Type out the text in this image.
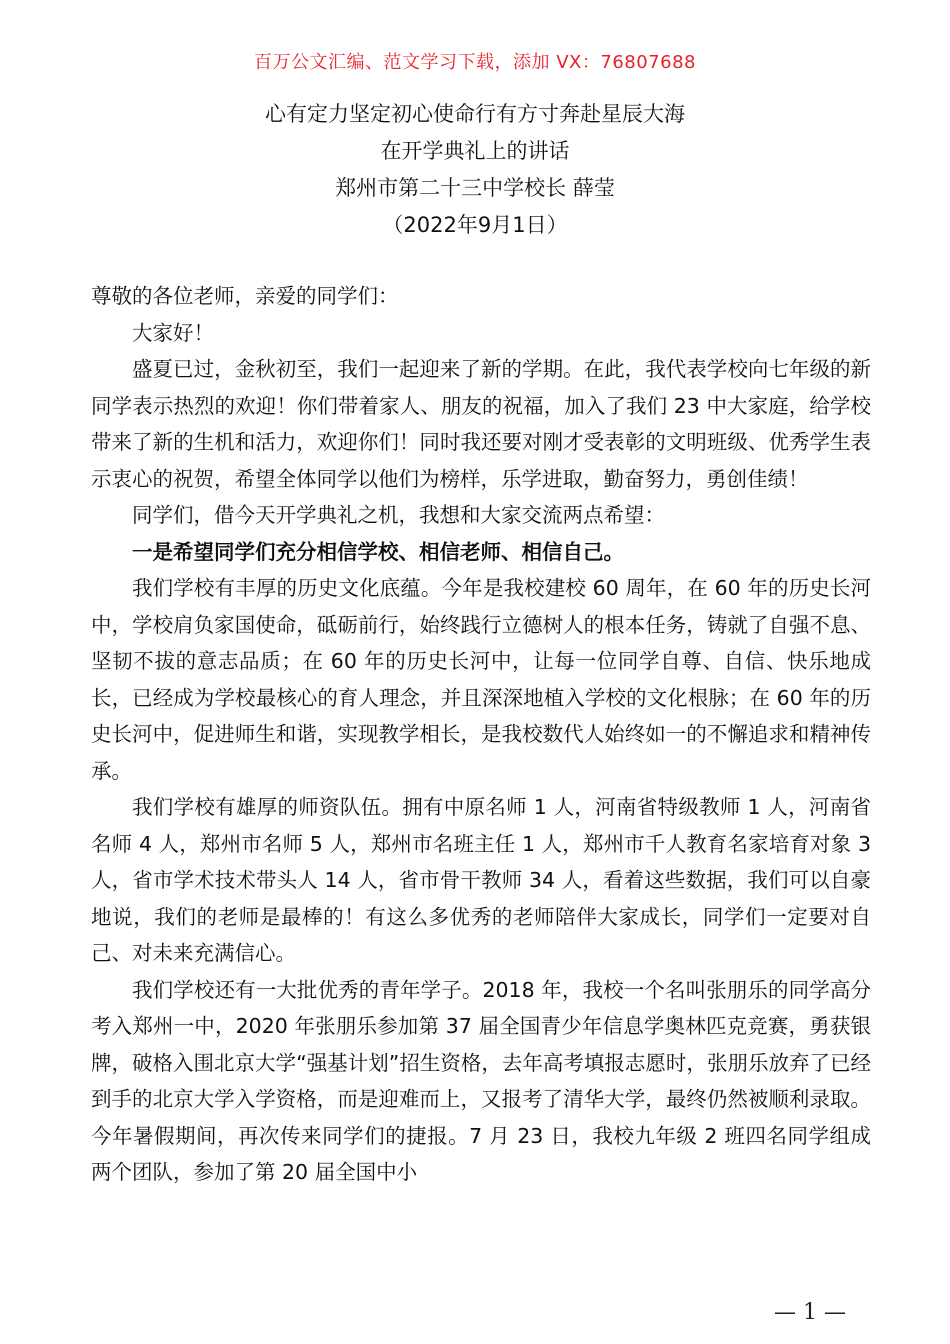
百万公文汇编、范文学习下载，添加 VX：76807688
心有定力坚定初心使命行有方寸奔赴星辰大海
在开学典礼上的讲话
郑州市第二十三中学校长 薛莹
（2022年9月1日）

尊敬的各位老师，亲爱的同学们：

大家好！

盛夏已过，金秋初至，我们一起迎来了新的学期。在此，我代表学校向七年级的新同学表示热烈的欢迎！你们带着家人、朋友的祝福，加入了我们 23 中大家庭，给学校带来了新的生机和活力，欢迎你们！同时我还要对刚才受表彰的文明班级、优秀学生表示衷心的祝贺，希望全体同学以他们为榜样，乐学进取，勤奋努力，勇创佳绩！

同学们，借今天开学典礼之机，我想和大家交流两点希望：

一是希望同学们充分相信学校、相信老师、相信自己。

我们学校有丰厚的历史文化底蕴。今年是我校建校 60 周年，在 60 年的历史长河中，学校肩负家国使命，砥砺前行，始终践行立德树人的根本任务，铸就了自强不息、坚韧不拔的意志品质；在 60 年的历史长河中，让每一位同学自尊、自信、快乐地成长，已经成为学校最核心的育人理念，并且深深地植入学校的文化根脉；在 60 年的历史长河中，促进师生和谐，实现教学相长，是我校数代人始终如一的不懈追求和精神传承。

我们学校有雄厚的师资队伍。拥有中原名师 1 人，河南省特级教师 1 人，河南省名师 4 人，郑州市名师 5 人，郑州市名班主任 1 人，郑州市千人教育名家培育对象 3 人，省市学术技术带头人 14 人，省市骨干教师 34 人，看着这些数据，我们可以自豪地说，我们的老师是最棒的！有这么多优秀的老师陪伴大家成长，同学们一定要对自己、对未来充满信心。

我们学校还有一大批优秀的青年学子。2018 年，我校一个名叫张朋乐的同学高分考入郑州一中，2020 年张朋乐参加第 37 届全国青少年信息学奥林匹克竞赛，勇获银牌，破格入围北京大学“强基计划”招生资格，去年高考填报志愿时，张朋乐放弃了已经到手的北京大学入学资格，而是迎难而上，又报考了清华大学，最终仍然被顺利录取。今年暑假期间，再次传来同学们的捷报。7 月 23 日，我校九年级 2 班四名同学组成两个团队，参加了第 20 届全国中小

— 1 —
